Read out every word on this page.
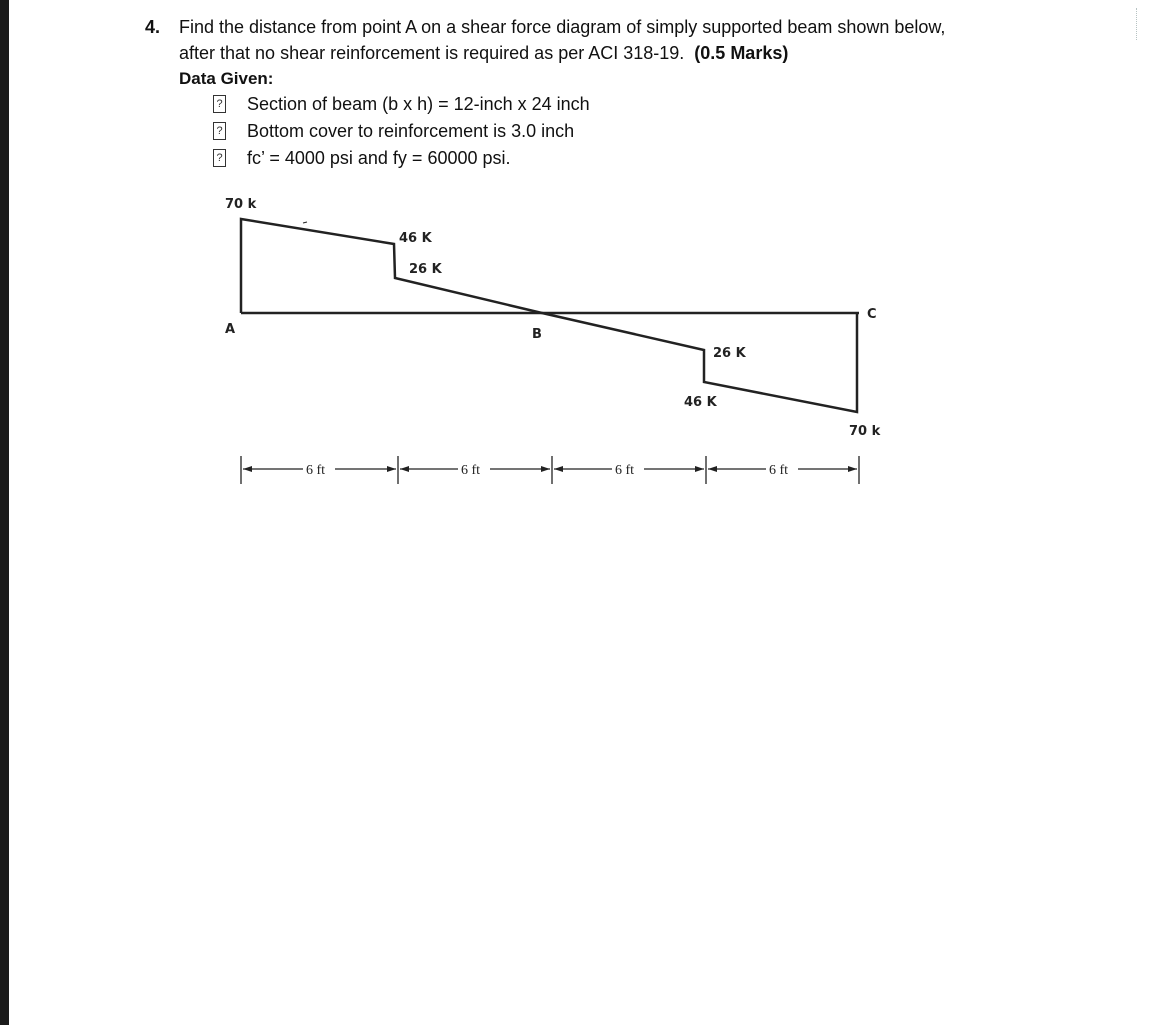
4. Find the distance from point A on a shear force diagram of simply supported beam shown below, after that no shear reinforcement is required as per ACI 318-19. (0.5 Marks)
Data Given:
? Section of beam (b x h) = 12-inch x 24 inch
? Bottom cover to reinforcement is 3.0 inch
? fc’ = 4000 psi and fy = 60000 psi.
70 k
46 K
26 K
A	B
C
26 K
46 K
70 k
6 ft	6 ft	6 ft	6 ft
